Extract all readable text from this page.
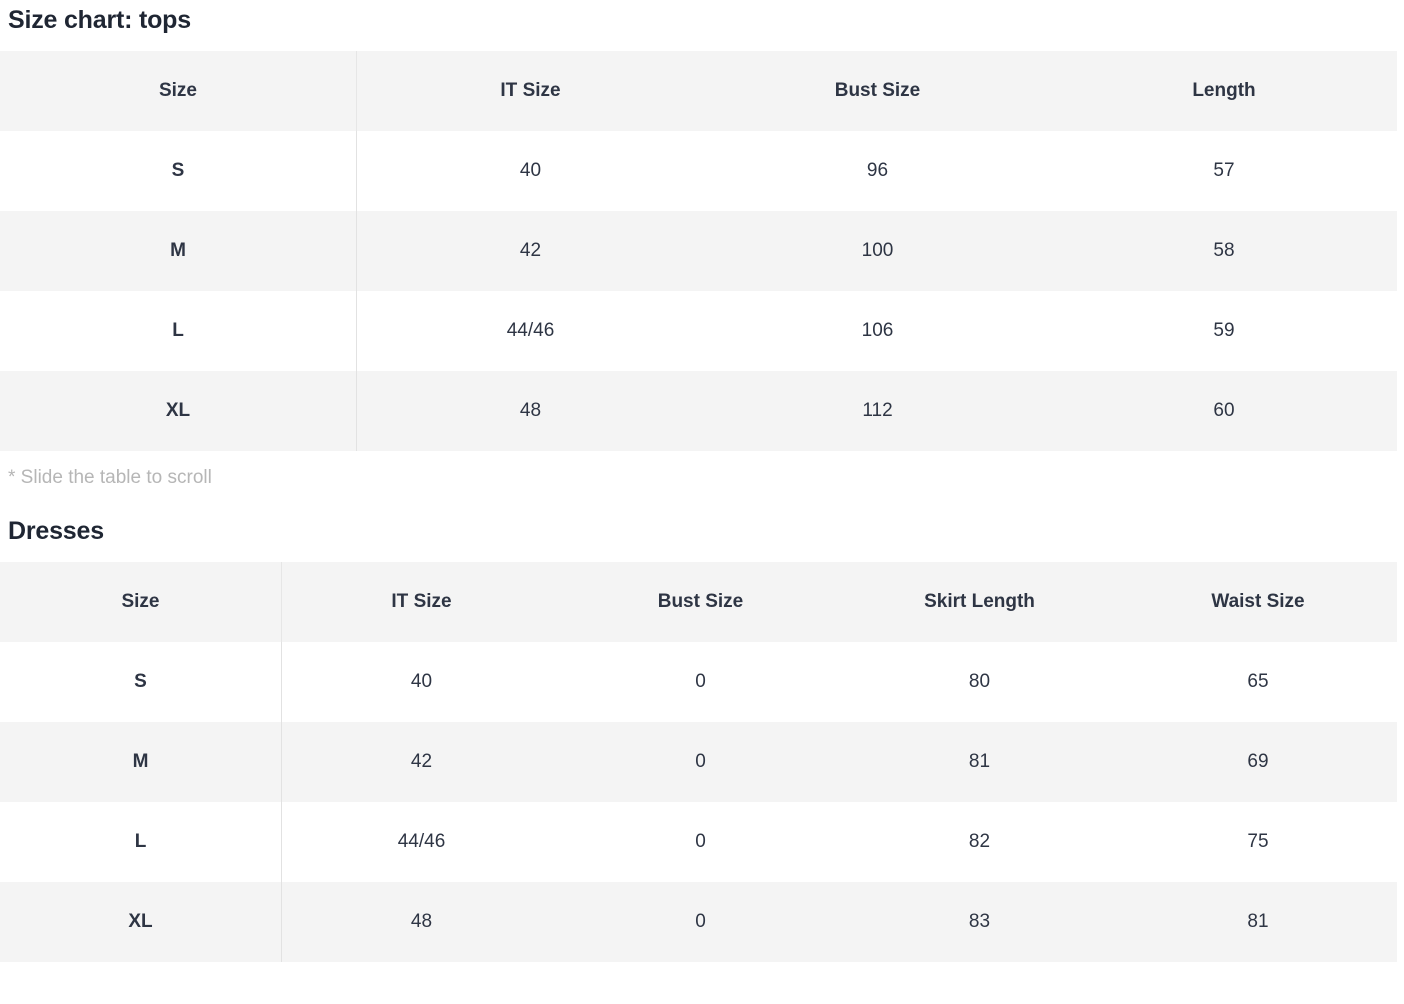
Size chart: tops
Size	IT Size	Bust Size	Length
S	40	96	57
M	42	100	58
L	44/46	106	59
XL	48	112	60

* Slide the table to scroll

Dresses
Size	IT Size	Bust Size	Skirt Length	Waist Size
S	40	0	80	65
M	42	0	81	69
L	44/46	0	82	75
XL	48	0	83	81
